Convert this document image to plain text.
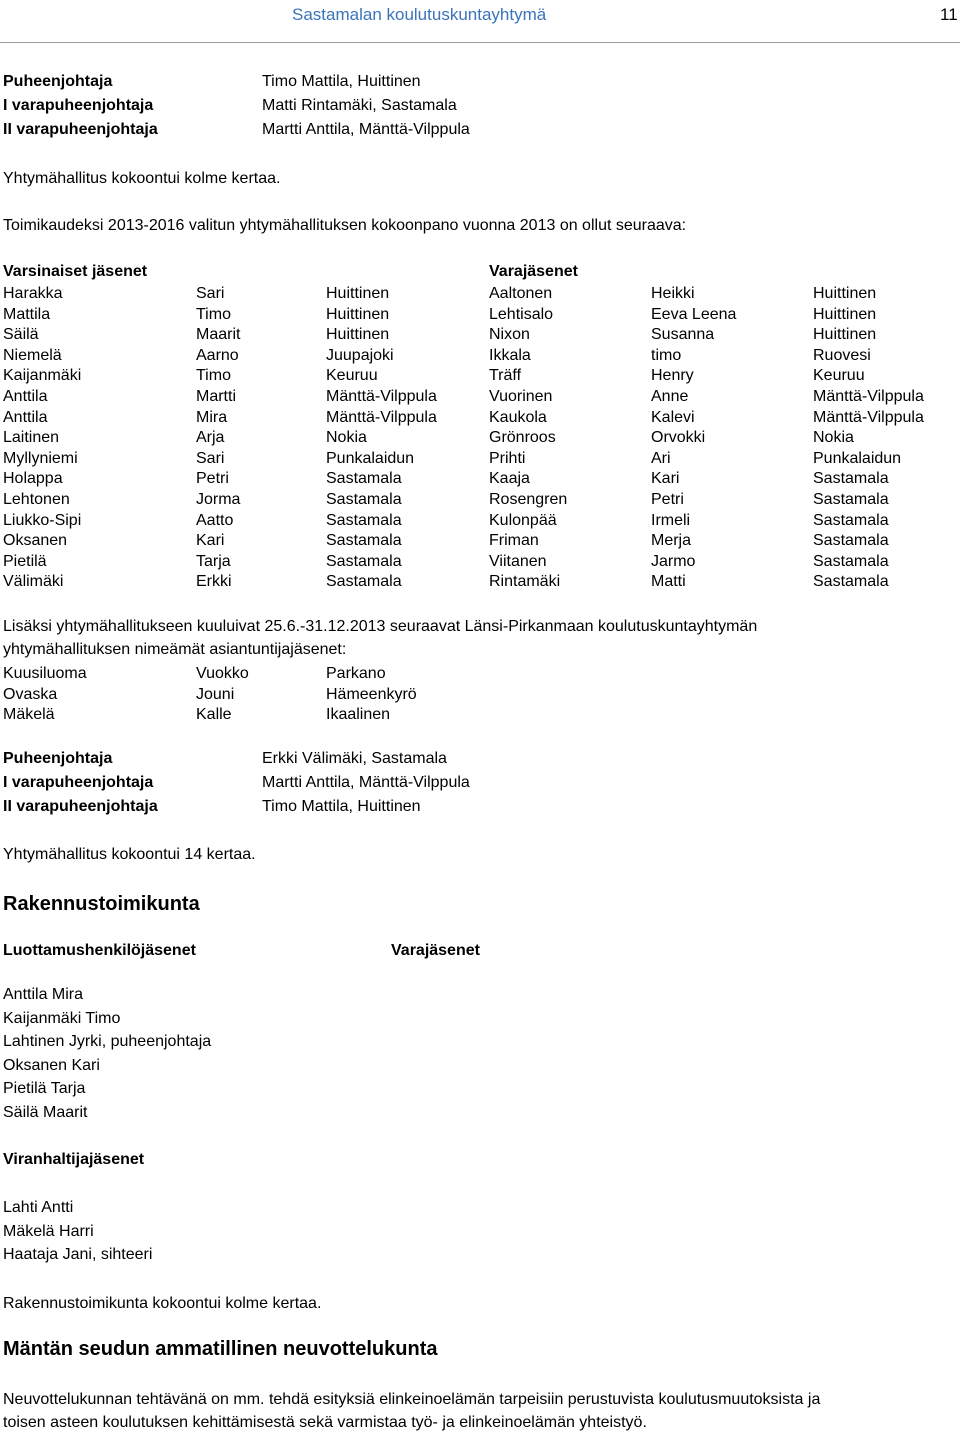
Sastamalan koulutuskuntayhtymä	11
Puheenjohtaja	Timo Mattila, Huittinen
I varapuheenjohtaja	Matti Rintamäki, Sastamala
II varapuheenjohtaja	Martti Anttila, Mänttä-Vilppula
Yhtymähallitus kokoontui kolme kertaa.
Toimikaudeksi 2013-2016 valitun yhtymähallituksen kokoonpano vuonna 2013 on ollut seuraava:
Varsinaiset jäsenet	Varajäsenet
Harakka	Sari	Huittinen	Aaltonen	Heikki	Huittinen
Mattila	Timo	Huittinen	Lehtisalo	Eeva Leena	Huittinen
Säilä	Maarit	Huittinen	Nixon	Susanna	Huittinen
Niemelä	Aarno	Juupajoki	Ikkala	timo	Ruovesi
Kaijanmäki	Timo	Keuruu	Träff	Henry	Keuruu
Anttila	Martti	Mänttä-Vilppula	Vuorinen	Anne	Mänttä-Vilppula
Anttila	Mira	Mänttä-Vilppula	Kaukola	Kalevi	Mänttä-Vilppula
Laitinen	Arja	Nokia	Grönroos	Orvokki	Nokia
Myllyniemi	Sari	Punkalaidun	Prihti	Ari	Punkalaidun
Holappa	Petri	Sastamala	Kaaja	Kari	Sastamala
Lehtonen	Jorma	Sastamala	Rosengren	Petri	Sastamala
Liukko-Sipi	Aatto	Sastamala	Kulonpää	Irmeli	Sastamala
Oksanen	Kari	Sastamala	Friman	Merja	Sastamala
Pietilä	Tarja	Sastamala	Viitanen	Jarmo	Sastamala
Välimäki	Erkki	Sastamala	Rintamäki	Matti	Sastamala
Lisäksi yhtymähallitukseen kuuluivat 25.6.-31.12.2013 seuraavat Länsi-Pirkanmaan koulutuskuntayhtymän
yhtymähallituksen nimeämät asiantuntijajäsenet:
Kuusiluoma	Vuokko	Parkano
Ovaska	Jouni	Hämeenkyrö
Mäkelä	Kalle	Ikaalinen
Puheenjohtaja	Erkki Välimäki, Sastamala
I varapuheenjohtaja	Martti Anttila, Mänttä-Vilppula
II varapuheenjohtaja	Timo Mattila, Huittinen
Yhtymähallitus kokoontui 14 kertaa.
Rakennustoimikunta
Luottamushenkilöjäsenet	Varajäsenet
Anttila Mira
Kaijanmäki Timo
Lahtinen Jyrki, puheenjohtaja
Oksanen Kari
Pietilä Tarja
Säilä Maarit
Viranhaltijajäsenet
Lahti Antti
Mäkelä Harri
Haataja Jani, sihteeri
Rakennustoimikunta kokoontui kolme kertaa.
Mäntän seudun ammatillinen neuvottelukunta
Neuvottelukunnan tehtävänä on mm. tehdä esityksiä elinkeinoelämän tarpeisiin perustuvista koulutusmuutoksista ja
toisen asteen koulutuksen kehittämisestä sekä varmistaa työ- ja elinkeinoelämän yhteistyö.
